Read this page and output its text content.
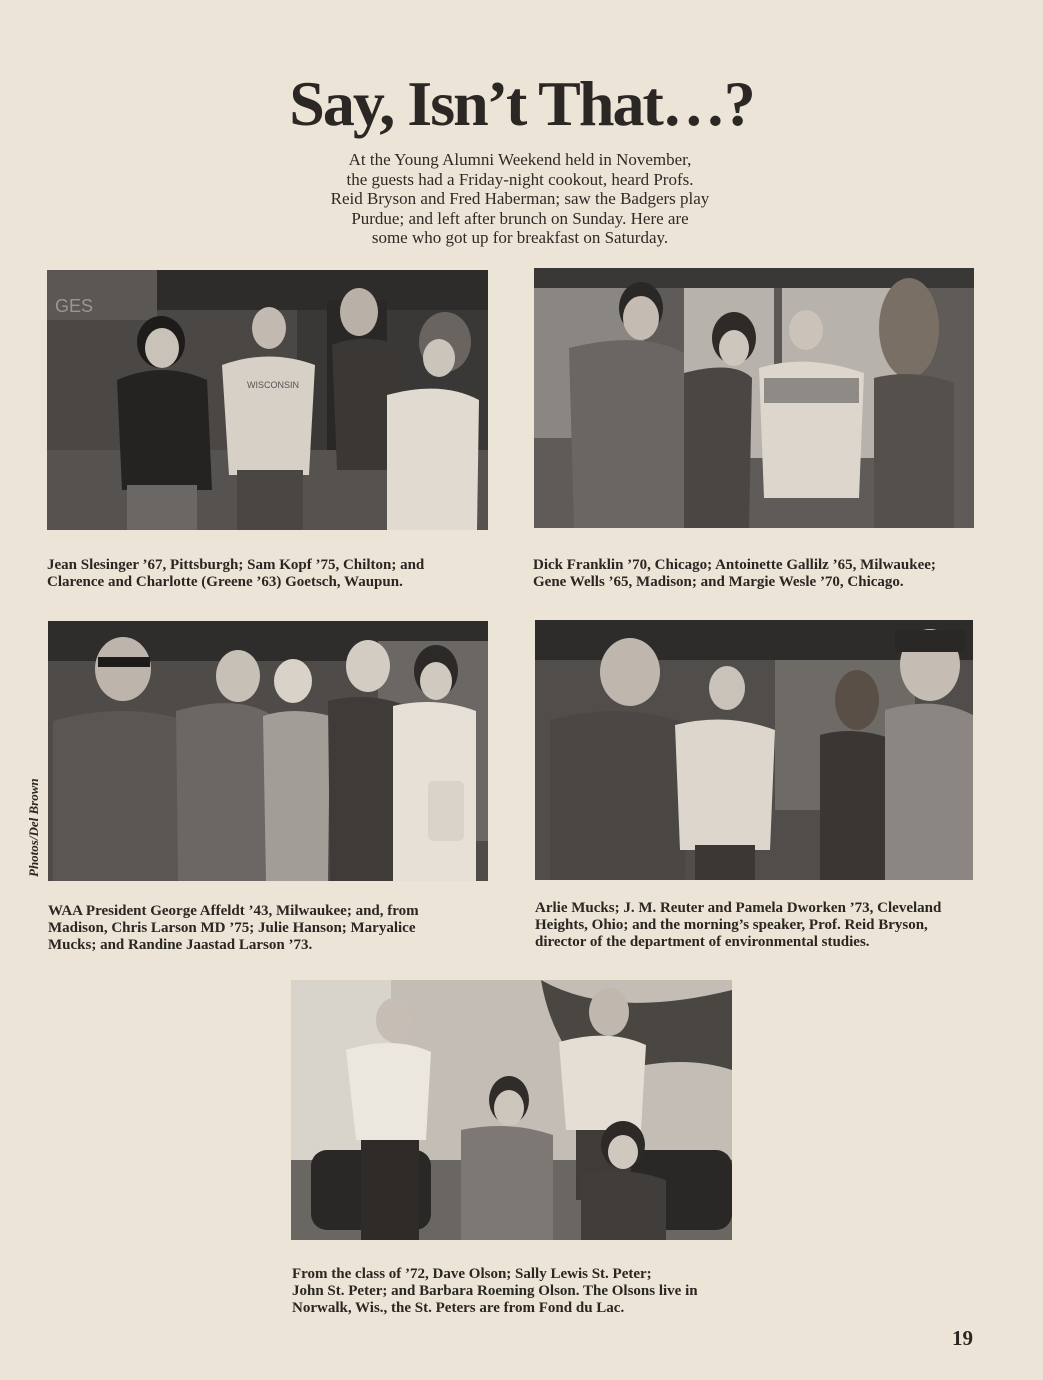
Say, Isn’t That…?
At the Young Alumni Weekend held in November,
the guests had a Friday-night cookout, heard Profs.
Reid Bryson and Fred Haberman; saw the Badgers play
Purdue; and left after brunch on Sunday. Here are
some who got up for breakfast on Saturday.
GES
WISCONSIN
Jean Slesinger ’67, Pittsburgh; Sam Kopf ’75, Chilton; and
Clarence and Charlotte (Greene ’63) Goetsch, Waupun.
Dick Franklin ’70, Chicago; Antoinette Gallilz ’65, Milwaukee;
Gene Wells ’65, Madison; and Margie Wesle ’70, Chicago.
WAA President George Affeldt ’43, Milwaukee; and, from
Madison, Chris Larson MD ’75; Julie Hanson; Maryalice
Mucks; and Randine Jaastad Larson ’73.
Arlie Mucks; J. M. Reuter and Pamela Dworken ’73, Cleveland
Heights, Ohio; and the morning’s speaker, Prof. Reid Bryson,
director of the department of environmental studies.
From the class of ’72, Dave Olson; Sally Lewis St. Peter;
John St. Peter; and Barbara Roeming Olson. The Olsons live in
Norwalk, Wis., the St. Peters are from Fond du Lac.
Photos/Del Brown
19
